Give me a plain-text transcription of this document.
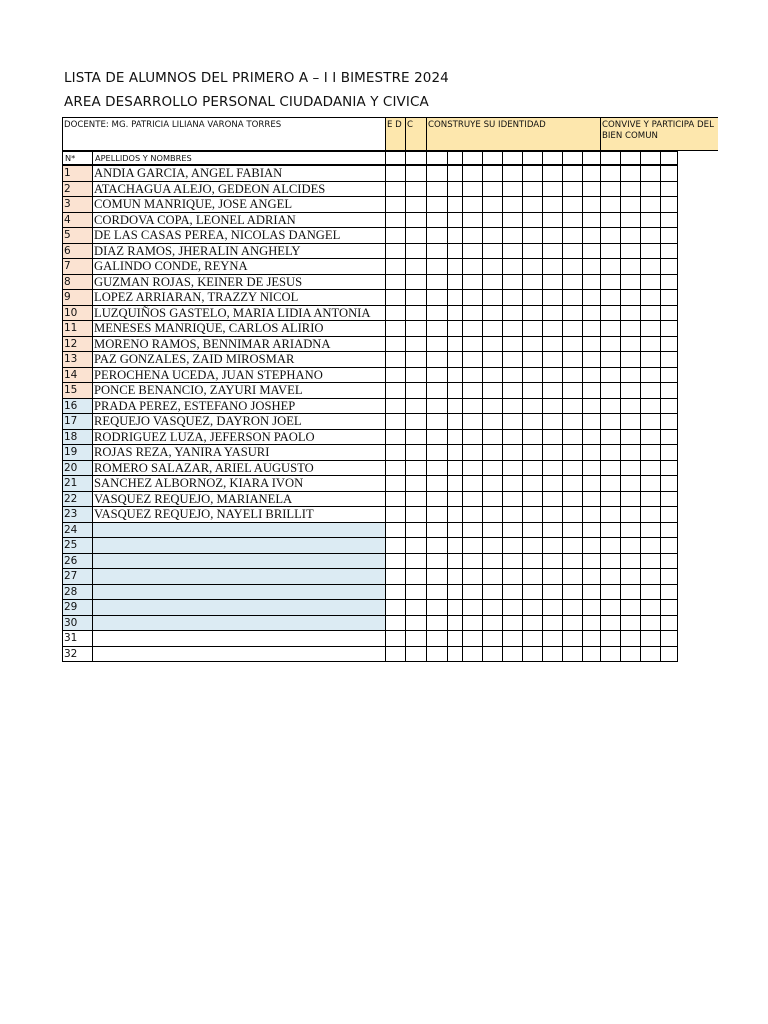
LISTA DE ALUMNOS DEL PRIMERO A – I I BIMESTRE 2024
AREA DESARROLLO PERSONAL CIUDADANIA Y CIVICA
DOCENTE: MG. PATRICIA LILIANA VARONA TORRES	E D C	CONSTRUYE SU IDENTIDAD	CONVIVE Y PARTICIPA DEL BIEN COMUN
N*	APELLIDOS Y NOMBRES
1	ANDIA GARCIA, ANGEL FABIAN
2	ATACHAGUA ALEJO, GEDEON ALCIDES
3	COMUN MANRIQUE, JOSE ANGEL
4	CORDOVA COPA, LEONEL ADRIAN
5	DE LAS CASAS PEREA, NICOLAS DANGEL
6	DIAZ RAMOS, JHERALIN ANGHELY
7	GALINDO CONDE, REYNA
8	GUZMAN ROJAS, KEINER DE JESUS
9	LOPEZ ARRIARAN, TRAZZY NICOL
10	LUZQUIÑOS GASTELO, MARIA LIDIA ANTONIA
11	MENESES MANRIQUE, CARLOS ALIRIO
12	MORENO RAMOS, BENNIMAR ARIADNA
13	PAZ GONZALES, ZAID MIROSMAR
14	PEROCHENA UCEDA, JUAN STEPHANO
15	PONCE BENANCIO, ZAYURI MAVEL
16	PRADA PEREZ, ESTEFANO JOSHEP
17	REQUEJO VASQUEZ, DAYRON JOEL
18	RODRIGUEZ LUZA, JEFERSON PAOLO
19	ROJAS REZA, YANIRA YASURI
20	ROMERO SALAZAR, ARIEL AUGUSTO
21	SANCHEZ ALBORNOZ, KIARA IVON
22	VASQUEZ REQUEJO, MARIANELA
23	VASQUEZ REQUEJO, NAYELI BRILLIT
24
25
26
27
28
29
30
31
32
